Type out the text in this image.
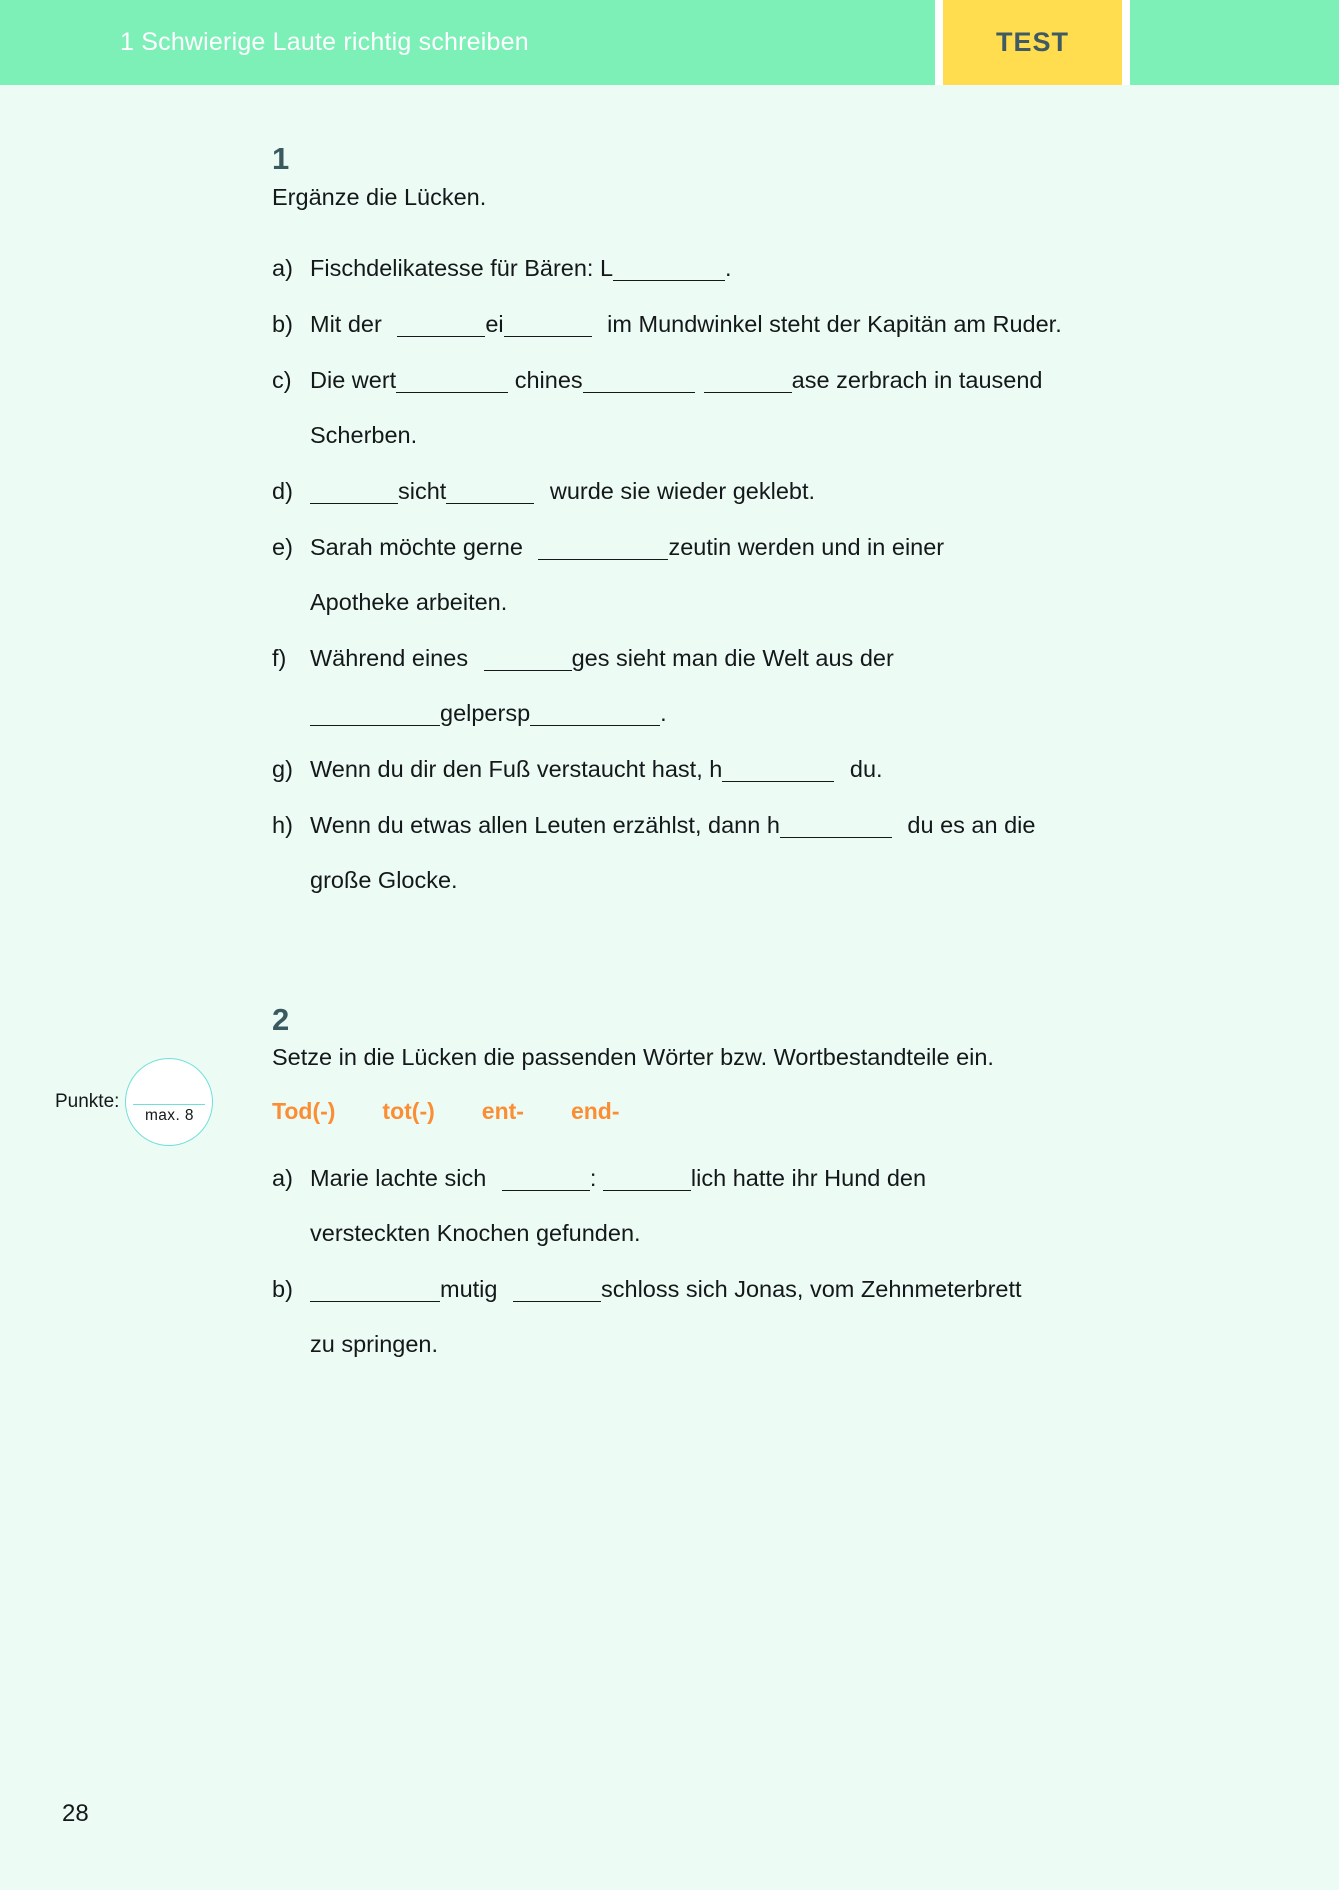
1 Schwierige Laute richtig schreiben	TEST
1
Ergänze die Lücken.
a) Fischdelikatesse für Bären: L	.
b) Mit der	ei	im Mundwinkel steht der Kapitän am Ruder.
c) Die wert	chines	ase zerbrach in tausend
Scherben.
d)	sicht	wurde sie wieder geklebt.
e) Sarah möchte gerne	zeutin werden und in einer
Apotheke arbeiten.
f)	Während eines	ges sieht man die Welt aus der
gelpersp	.
g) Wenn du dir den Fuß verstaucht hast, h	du.
h) Wenn du etwas allen Leuten erzählst, dann h	du es an die
große Glocke.
2
Setze in die Lücken die passenden Wörter bzw. Wortbestandteile ein.
Tod(-) tot(-) ent- end-
a) Marie lachte sich	:	lich hatte ihr Hund den
versteckten Knochen gefunden.
b)	mutig	schloss sich Jonas, vom Zehnmeterbrett
zu springen.
Punkte:
max. 8
28
